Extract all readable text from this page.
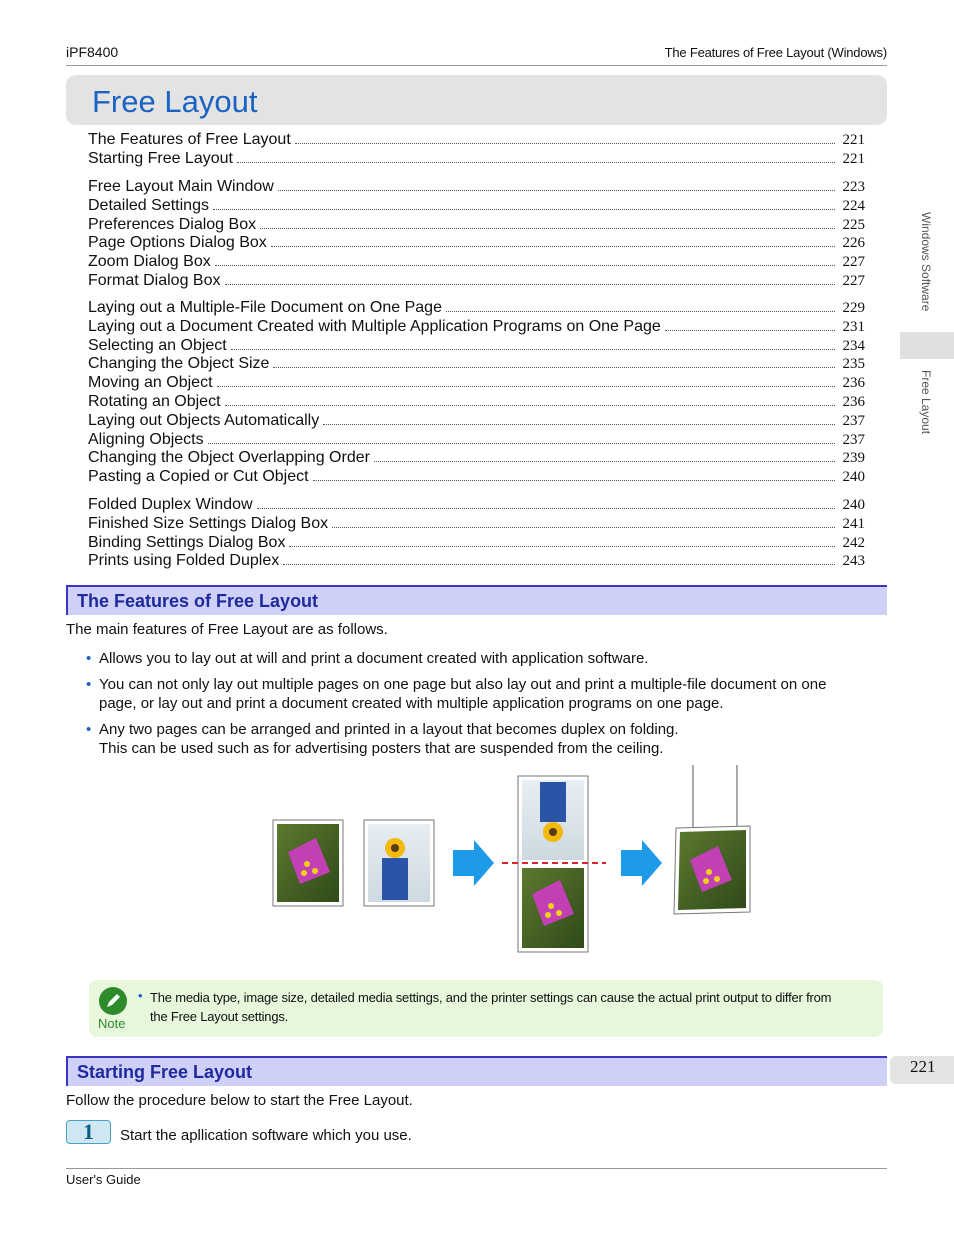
iPF8400	The Features of Free Layout (Windows)
Free Layout
The Features of Free Layout	221
Starting Free Layout	221
Free Layout Main Window	223
Detailed Settings	224
Preferences Dialog Box	225
Page Options Dialog Box	226
Zoom Dialog Box	227
Format Dialog Box	227
Laying out a Multiple-File Document on One Page	229
Laying out a Document Created with Multiple Application Programs on One Page	231
Selecting an Object	234
Changing the Object Size	235
Moving an Object	236
Rotating an Object	236
Laying out Objects Automatically	237
Aligning Objects	237
Changing the Object Overlapping Order	239
Pasting a Copied or Cut Object	240
Folded Duplex Window	240
Finished Size Settings Dialog Box	241
Binding Settings Dialog Box	242
Prints using Folded Duplex	243
The Features of Free Layout
The main features of Free Layout are as follows.
• Allows you to lay out at will and print a document created with application software.
• You can not only lay out multiple pages on one page but also lay out and print a multiple-file document on one
page, or lay out and print a document created with multiple application programs on one page.
• Any two pages can be arranged and printed in a layout that becomes duplex on folding.
This can be used such as for advertising posters that are suspended from the ceiling.
Note
• The media type, image size, detailed media settings, and the printer settings can cause the actual print output to differ from
the Free Layout settings.
Starting Free Layout
Follow the procedure below to start the Free Layout.
1 Start the apllication software which you use.
Windows Software
Free Layout
221
User's Guide
